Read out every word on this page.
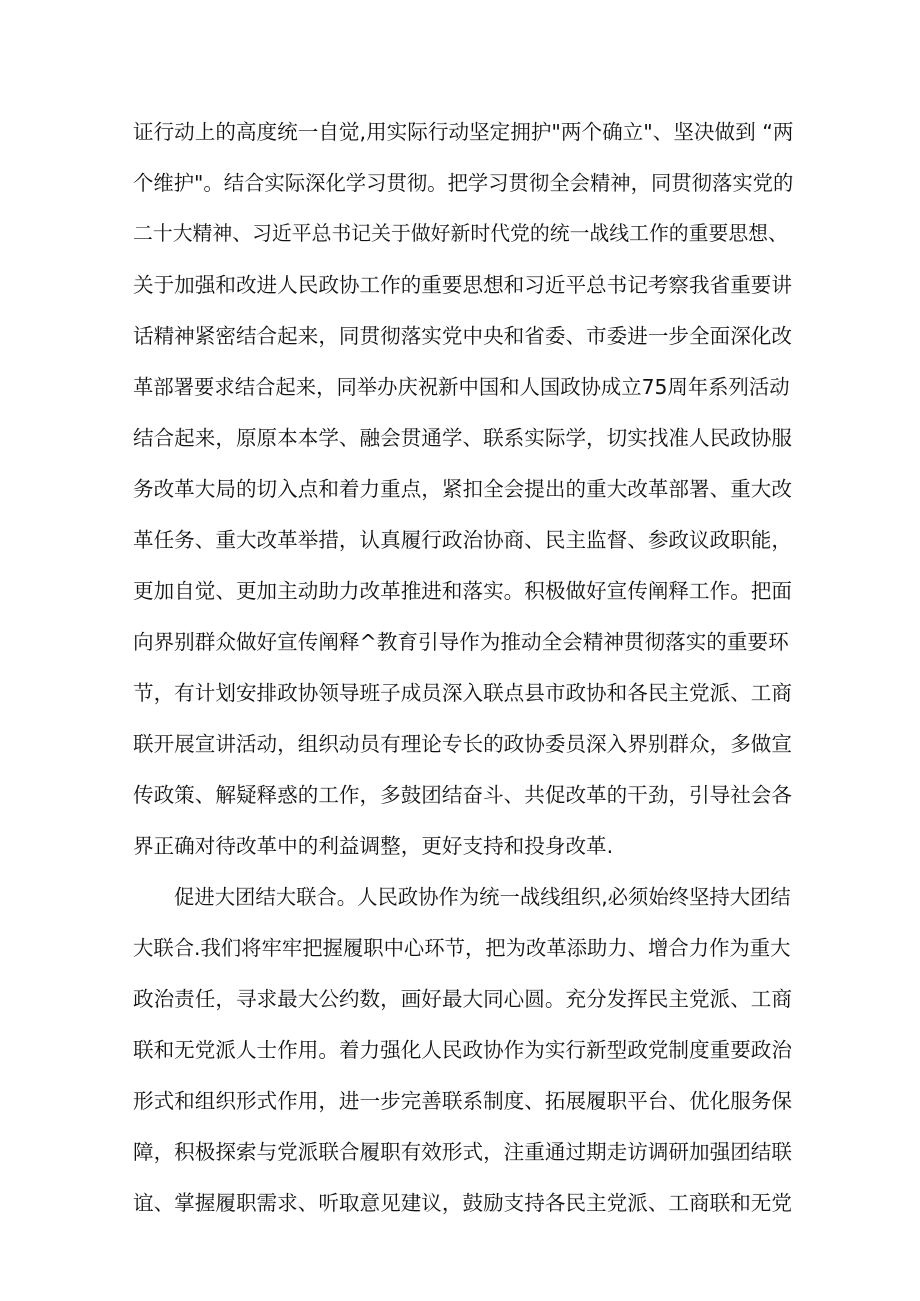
证行动上的高度统一自觉,用实际行动坚定拥护"两个确立"、坚决做到 “两
个维护"。结合实际深化学习贯彻。把学习贯彻全会精神，同贯彻落实党的
二十大精神、习近平总书记关于做好新时代党的统一战线工作的重要思想、
关于加强和改进人民政协工作的重要思想和习近平总书记考察我省重要讲
话精神紧密结合起来，同贯彻落实党中央和省委、市委进一步全面深化改
革部署要求结合起来，同举办庆祝新中国和人国政协成立75周年系列活动
结合起来，原原本本学、融会贯通学、联系实际学，切实找准人民政协服
务改革大局的切入点和着力重点，紧扣全会提出的重大改革部署、重大改
革任务、重大改革举措，认真履行政治协商、民主监督、参政议政职能，
更加自觉、更加主动助力改革推进和落实。积极做好宣传阐释工作。把面
向界别群众做好宣传阐释^教育引导作为推动全会精神贯彻落实的重要环
节，有计划安排政协领导班子成员深入联点县市政协和各民主党派、工商
联开展宣讲活动，组织动员有理论专长的政协委员深入界别群众，多做宣
传政策、解疑释惑的工作，多鼓团结奋斗、共促改革的干劲，引导社会各
界正确对待改革中的利益调整，更好支持和投身改革.
促进大团结大联合。人民政协作为统一战线组织,必须始终坚持大团结
大联合.我们将牢牢把握履职中心环节，把为改革添助力、增合力作为重大
政治责任，寻求最大公约数，画好最大同心圆。充分发挥民主党派、工商
联和无党派人士作用。着力强化人民政协作为实行新型政党制度重要政治
形式和组织形式作用，进一步完善联系制度、拓展履职平台、优化服务保
障，积极探索与党派联合履职有效形式，注重通过期走访调研加强团结联
谊、掌握履职需求、听取意见建议，鼓励支持各民主党派、工商联和无党
